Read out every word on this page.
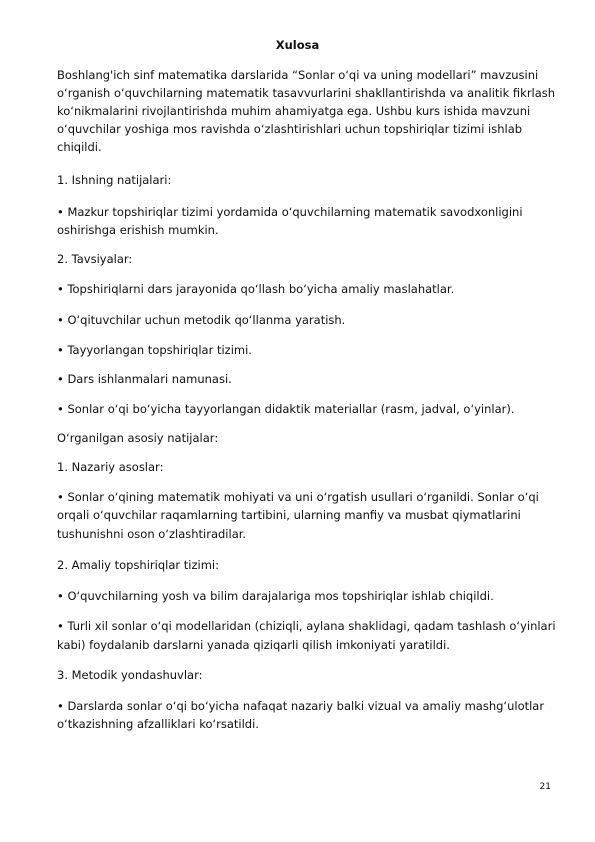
Xulosa
Boshlang'ich sinf matematika darslarida “Sonlar o‘qi va uning modellari” mavzusini
o‘rganish o‘quvchilarning matematik tasavvurlarini shakllantirishda va analitik fikrlash
ko‘nikmalarini rivojlantirishda muhim ahamiyatga ega. Ushbu kurs ishida mavzuni
o‘quvchilar yoshiga mos ravishda o‘zlashtirishlari uchun topshiriqlar tizimi ishlab
chiqildi.
1. Ishning natijalari:
• Mazkur topshiriqlar tizimi yordamida o‘quvchilarning matematik savodxonligini
oshirishga erishish mumkin.
2. Tavsiyalar:
• Topshiriqlarni dars jarayonida qo‘llash bo‘yicha amaliy maslahatlar.
• O‘qituvchilar uchun metodik qo‘llanma yaratish.
• Tayyorlangan topshiriqlar tizimi.
• Dars ishlanmalari namunasi.
• Sonlar o‘qi bo‘yicha tayyorlangan didaktik materiallar (rasm, jadval, o‘yinlar).
O‘rganilgan asosiy natijalar:
1. Nazariy asoslar:
• Sonlar o‘qining matematik mohiyati va uni o‘rgatish usullari o‘rganildi. Sonlar o‘qi
orqali o‘quvchilar raqamlarning tartibini, ularning manfiy va musbat qiymatlarini
tushunishni oson o‘zlashtiradilar.
2. Amaliy topshiriqlar tizimi:
• O‘quvchilarning yosh va bilim darajalariga mos topshiriqlar ishlab chiqildi.
• Turli xil sonlar o‘qi modellaridan (chiziqli, aylana shaklidagi, qadam tashlash o‘yinlari
kabi) foydalanib darslarni yanada qiziqarli qilish imkoniyati yaratildi.
3. Metodik yondashuvlar:
• Darslarda sonlar o‘qi bo‘yicha nafaqat nazariy balki vizual va amaliy mashg‘ulotlar
o‘tkazishning afzalliklari ko‘rsatildi.
21
